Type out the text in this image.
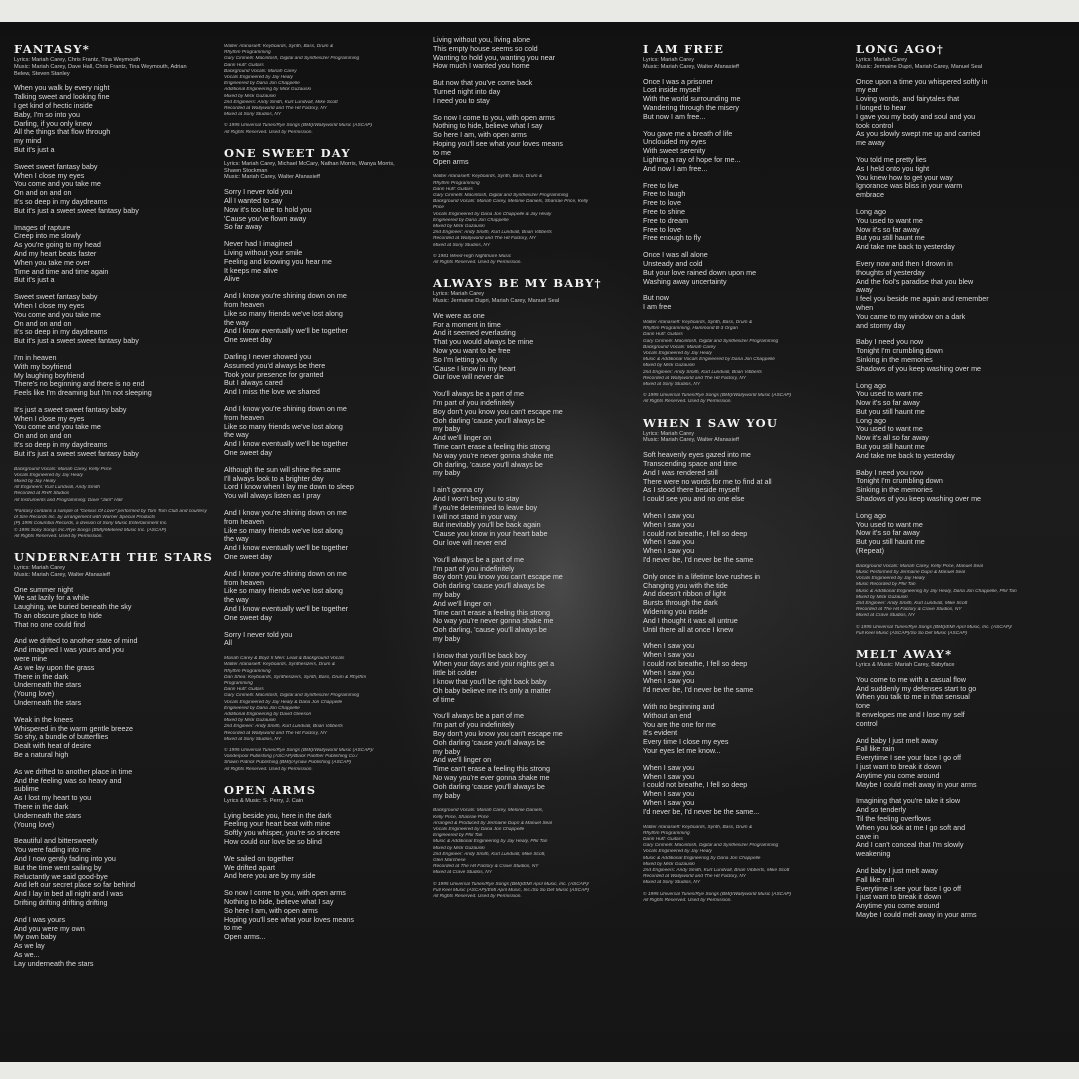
FANTASY*
Lyrics: Mariah Carey, Chris Frantz, Tina Weymouth
Music: Mariah Carey, Dave Hall, Chris Frantz, Tina Weymouth, Adrian
Belew, Steven Stanley
When you walk by every night
Talking sweet and looking fine
I get kind of hectic inside
Baby, I'm so into you
Darling, if you only knew
All the things that flow through
my mind
But it's just a
Sweet sweet fantasy baby
When I close my eyes
You come and you take me
On and on and on
It's so deep in my daydreams
But it's just a sweet sweet fantasy baby
Images of rapture
Creep into me slowly
As you're going to my head
And my heart beats faster
When you take me over
Time and time and time again
But it's just a
Sweet sweet fantasy baby
When I close my eyes
You come and you take me
On and on and on
It's so deep in my daydreams
But it's just a sweet sweet fantasy baby
I'm in heaven
With my boyfriend
My laughing boyfriend
There's no beginning and there is no end
Feels like I'm dreaming but I'm not sleeping
It's just a sweet sweet fantasy baby
When I close my eyes
You come and you take me
On and on and on
It's so deep in my daydreams
But it's just a sweet sweet fantasy baby
Background Vocals: Mariah Carey, Kelly Price
Vocals Engineered by Jay Healy
Mixed by Jay Healy
All Engineers: Kurt Lundvall, Andy Smith
Recorded at RHR Studios
All Instruments and Programming: Dave "Jam" Hall
*Fantasy contains a sample of "Genius Of Love" performed by Tom Tom Club and courtesy
of Sire Records Inc. by arrangement with Warner Special Products
(P) 1995 Columbia Records, a division of Sony Music Entertainment Inc.
© 1995 Sony Songs Inc./Rye Songs (BMI)/Metered Music Inc. (ASCAP)
All Rights Reserved. Used by Permission.
UNDERNEATH THE STARS
Lyrics: Mariah Carey
Music: Mariah Carey, Walter Afanasieff
One summer night
We sat lazily for a while
Laughing, we buried beneath the sky
To an obscure place to hide
That no one could find
And we drifted to another state of mind
And imagined I was yours and you
were mine
As we lay upon the grass
There in the dark
Underneath the stars
(Young love)
Underneath the stars
Weak in the knees
Whispered in the warm gentle breeze
So shy, a bundle of butterflies
Dealt with heat of desire
Be a natural high
As we drifted to another place in time
And the feeling was so heavy and
sublime
As I lost my heart to you
There in the dark
Underneath the stars
(Young love)
Beautiful and bittersweetly
You were fading into me
And I now gently fading into you
But the time went sailing by
Reluctantly we said good-bye
And left our secret place so far behind
And I lay in bed all night and I was
Drifting drifting drifting drifting
And I was yours
And you were my own
My own baby
As we lay
As we...
Lay underneath the stars
Walter Afanasieff: Keyboards, Synth, Bass, Drum &
Rhythm Programming
Gary Cirimelli: Macintosh, Digital and Synthesizer Programming
Dann Huff: Guitars
Background Vocals: Mariah Carey
Vocals Engineered by Jay Healy
Engineered by Dana Jon Chappelle
Additional Engineering by Mick Guzauski
Mixed by Mick Guzauski
2nd Engineers: Andy Smith, Kurt Lundvall, Mike Scott
Recorded at Wallyworld and The Hit Factory, NY
Mixed at Sony Studios, NY
© 1995 Universal Tunes/Rye Songs (BMI)/Wallyworld Music (ASCAP)
All Rights Reserved. Used by Permission.
ONE SWEET DAY
Lyrics: Mariah Carey, Michael McCary, Nathan Morris, Wanya Morris,
Shawn Stockman
Music: Mariah Carey, Walter Afanasieff
Sorry I never told you
All I wanted to say
Now it's too late to hold you
'Cause you've flown away
So far away
Never had I imagined
Living without your smile
Feeling and knowing you hear me
It keeps me alive
Alive
And I know you're shining down on me
from heaven
Like so many friends we've lost along
the way
And I know eventually we'll be together
One sweet day
Darling I never showed you
Assumed you'd always be there
Took your presence for granted
But I always cared
And I miss the love we shared
And I know you're shining down on me
from heaven
Like so many friends we've lost along
the way
And I know eventually we'll be together
One sweet day
Although the sun will shine the same
I'll always look to a brighter day
Lord I know when I lay me down to sleep
You will always listen as I pray
And I know you're shining down on me
from heaven
Like so many friends we've lost along
the way
And I know eventually we'll be together
One sweet day
And I know you're shining down on me
from heaven
Like so many friends we've lost along
the way
And I know eventually we'll be together
One sweet day
Sorry I never told you
All
Mariah Carey & Boyz II Men: Lead & Background Vocals
Walter Afanasieff: Keyboards, Synthesizers, Drum &
Rhythm Programming
Dan Shea: Keyboards, Synthesizers, Synth, Bass, Drum & Rhythm
Programming
Dann Huff: Guitars
Gary Cirimelli: Macintosh, Digital and Synthesizer Programming
Vocals Engineered by Jay Healy & Dana Jon Chappelle
Engineered by Dana Jon Chappelle
Additional Engineering by David Gleeson
Mixed by Mick Guzauski
2nd Engineer: Andy Smith, Kurt Lundvall, Brian Vibberts
Recorded at Wallyworld and The Hit Factory, NY
Mixed at Sony Studios, NY
© 1995 Universal Tunes/Rye Songs (BMI)/Wallyworld Music (ASCAP)/
Vanderpool Publishing (ASCAP)/Black Panther Publishing Co./
Shawn Patrick Publishing (BMI)/Aynaw Publishing (ASCAP)
All Rights Reserved. Used by Permission.
OPEN ARMS
Lyrics & Music: S. Perry, J. Cain
Lying beside you, here in the dark
Feeling your heart beat with mine
Softly you whisper, you're so sincere
How could our love be so blind
We sailed on together
We drifted apart
And here you are by my side
So now I come to you, with open arms
Nothing to hide, believe what I say
So here I am, with open arms
Hoping you'll see what your loves means
to me
Open arms...
Living without you, living alone
This empty house seems so cold
Wanting to hold you, wanting you near
How much I wanted you home
But now that you've come back
Turned night into day
I need you to stay
So now I come to you, with open arms
Nothing to hide, believe what I say
So here I am, with open arms
Hoping you'll see what your loves means
to me
Open arms
Walter Afanasieff: Keyboards, Synth, Bass, Drum &
Rhythm Programming
Dann Huff: Guitars
Gary Cirimelli: Macintosh, Digital and Synthesizer Programming
Background Vocals: Mariah Carey, Melonie Daniels, Shanrae Price, Kelly
Price
Vocals Engineered by Dana Jon Chappelle & Jay Healy
Engineered by Dana Jon Chappelle
Mixed by Mick Guzauski
2nd Engineer: Andy Smith, Kurt Lundvall, Brian Vibberts
Recorded at Wallyworld and The Hit Factory, NY
Mixed at Sony Studios, NY
© 1981 Weed-High Nightmare Music
All Rights Reserved. Used by Permission.
ALWAYS BE MY BABY†
Lyrics: Mariah Carey
Music: Jermaine Dupri, Mariah Carey, Manuel Seal
We were as one
For a moment in time
And it seemed everlasting
That you would always be mine
Now you want to be free
So I'm letting you fly
'Cause I know in my heart
Our love will never die
You'll always be a part of me
I'm part of you indefinitely
Boy don't you know you can't escape me
Ooh darling 'cause you'll always be
my baby
And we'll linger on
Time can't erase a feeling this strong
No way you're never gonna shake me
Oh darling, 'cause you'll always be
my baby
I ain't gonna cry
And I won't beg you to stay
If you're determined to leave boy
I will not stand in your way
But inevitably you'll be back again
'Cause you know in your heart babe
Our love will never end
You'll always be a part of me
I'm part of you indefinitely
Boy don't you know you can't escape me
Ooh darling 'cause you'll always be
my baby
And we'll linger on
Time can't erase a feeling this strong
No way you're never gonna shake me
Ooh darling, 'cause you'll always be
my baby
I know that you'll be back boy
When your days and your nights get a
little bit colder
I know that you'll be right back baby
Oh baby believe me it's only a matter
of time
You'll always be a part of me
I'm part of you indefinitely
Boy don't you know you can't escape me
Ooh darling 'cause you'll always be
my baby
And we'll linger on
Time can't erase a feeling this strong
No way you're ever gonna shake me
Ooh darling 'cause you'll always be
my baby
Background Vocals: Mariah Carey, Melonie Daniels,
Kelly Price, Shanrae Price
Arranged & Produced by Jermaine Dupri & Manuel Seal
Vocals Engineered by Dana Jon Chappelle
Engineered by Phil Tan
Music & Additional Engineering by Jay Healy, Phil Tan
Mixed by Mick Guzauski
2nd Engineer: Andy Smith, Kurt Lundvall, Mike Scott,
Glen Marchese
Recorded at The Hit Factory & Crave Studios, NY
Mixed at Crave Studios, NY
© 1995 Universal Tunes/Rye Songs (BMI)/EMI April Music, Inc. (ASCAP)/
Full Keel Music (ASCAP)/EMI April Music, Inc./So So Def Music (ASCAP)
All Rights Reserved. Used by Permission.
I AM FREE
Lyrics: Mariah Carey
Music: Mariah Carey, Walter Afanasieff
Once I was a prisoner
Lost inside myself
With the world surrounding me
Wandering through the misery
But now I am free...
You gave me a breath of life
Unclouded my eyes
With sweet serenity
Lighting a ray of hope for me...
And now I am free...
Free to live
Free to laugh
Free to love
Free to shine
Free to dream
Free to love
Free enough to fly
Once I was all alone
Unsteady and cold
But your love rained down upon me
Washing away uncertainty
But now
I am free
Walter Afanasieff: Keyboards, Synth, Bass, Drum &
Rhythm Programming, Hammond B-3 Organ
Dann Huff: Guitars
Gary Cirimelli: Macintosh, Digital and Synthesizer Programming
Background Vocals: Mariah Carey
Vocals Engineered by Jay Healy
Music & Additional Vocals Engineered by Dana Jon Chappelle
Mixed by Mick Guzauski
2nd Engineer: Andy Smith, Kurt Lundvall, Brian Vibberts
Recorded at Wallyworld and The Hit Factory, NY
Mixed at Sony Studios, NY
© 1995 Universal Tunes/Rye Songs (BMI)/Wallyworld Music (ASCAP)
All Rights Reserved. Used by Permission.
WHEN I SAW YOU
Lyrics: Mariah Carey
Music: Mariah Carey, Walter Afanasieff
Soft heavenly eyes gazed into me
Transcending space and time
And I was rendered still
There were no words for me to find at all
As I stood there beside myself
I could see you and no one else
When I saw you
When I saw you
I could not breathe, I fell so deep
When I saw you
When I saw you
I'd never be, I'd never be the same
Only once in a lifetime love rushes in
Changing you with the tide
And doesn't ribbon of light
Bursts through the dark
Widening you inside
And I thought it was all untrue
Until there all at once I knew
When I saw you
When I saw you
I could not breathe, I fell so deep
When I saw you
When I saw you
I'd never be, I'd never be the same
With no beginning and
Without an end
You are the one for me
It's evident
Every time I close my eyes
Your eyes let me know...
When I saw you
When I saw you
I could not breathe, I fell so deep
When I saw you
When I saw you
I'd never be, I'd never be the same...
Walter Afanasieff: Keyboards, Synth, Bass, Drum &
Rhythm Programming
Dann Huff: Guitars
Gary Cirimelli: Macintosh, Digital and Synthesizer Programming
Vocals Engineered by Jay Healy
Music & Additional Engineering by Dana Jon Chappelle
Mixed by Mick Guzauski
2nd Engineers: Andy Smith, Kurt Lundvall, Brian Vibberts, Mike Scott
Recorded at Wallyworld and The Hit Factory, NY
Mixed at Sony Studios, NY
© 1995 Universal Tunes/Rye Songs (BMI)/Wallyworld Music (ASCAP)
All Rights Reserved. Used by Permission.
LONG AGO†
Lyrics: Mariah Carey
Music: Jermaine Dupri, Mariah Carey, Manuel Seal
Once upon a time you whispered softly in
my ear
Loving words, and fairytales that
I longed to hear
I gave you my body and soul and you
took control
As you slowly swept me up and carried
me away
You told me pretty lies
As I held onto you tight
You knew how to get your way
Ignorance was bliss in your warm
embrace
Long ago
You used to want me
Now it's so far away
But you still haunt me
And take me back to yesterday
Every now and then I drown in
thoughts of yesterday
And the fool's paradise that you blew
away
I feel you beside me again and remember
when
You came to my window on a dark
and stormy day
Baby I need you now
Tonight I'm crumbling down
Sinking in the memories
Shadows of you keep washing over me
Long ago
You used to want me
Now it's so far away
But you still haunt me
Long ago
You used to want me
Now it's all so far away
But you still haunt me
And take me back to yesterday
Baby I need you now
Tonight I'm crumbling down
Sinking in the memories
Shadows of you keep washing over me
Long ago
You used to want me
Now it's so far away
But you still haunt me
(Repeat)
Background Vocals: Mariah Carey, Kelly Price, Manuel Seal
Music Performed by Jermaine Dupri & Manuel Seal
Vocals Engineered by Jay Healy
Music Recorded by Phil Tan
Music & Additional Engineering by Jay Healy, Dana Jon Chappelle, Phil Tan
Mixed by Mick Guzauski
2nd Engineer: Andy Smith, Kurt Lundvall, Mike Scott
Recorded at The Hit Factory & Crave Studios, NY
Mixed at Crave Studios, NY
© 1995 Universal Tunes/Rye Songs (BMI)/EMI April Music, Inc. (ASCAP)/
Full Keel Music (ASCAP)/So So Def Music (ASCAP)
MELT AWAY*
Lyrics & Music: Mariah Carey, Babyface
You come to me with a casual flow
And suddenly my defenses start to go
When you talk to me in that sensual
tone
It envelopes me and I lose my self
control
And baby I just melt away
Fall like rain
Everytime I see your face I go off
I just want to break it down
Anytime you come around
Maybe I could melt away in your arms
Imagining that you're take it slow
And so tenderly
Til the feeling overflows
When you look at me I go soft and
cave in
And I can't conceal that I'm slowly
weakening
And baby I just melt away
Fall like rain
Everytime I see your face I go off
I just want to break it down
Anytime you come around
Maybe I could melt away in your arms
